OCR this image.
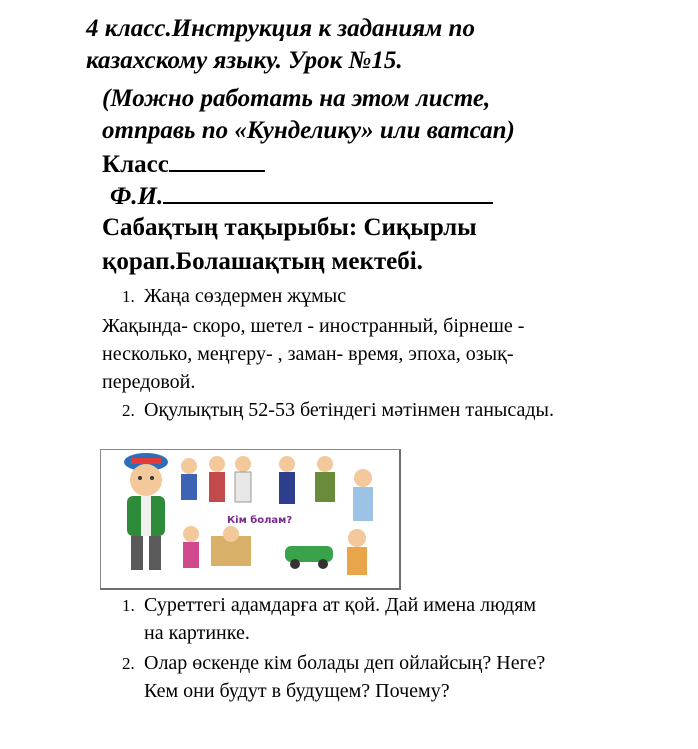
4 класс.Инструкция к заданиям по
казахскому языку. Урок №15.
(Можно работать на этом листе,
отправь по «Кунделику» или ватсап)
Класс
Ф.И.
Сабақтың тақырыбы: Сиқырлы
қорап.Болашақтың мектебі.
1. Жаңа сөздермен жұмыс
Жақында- скоро, шетел - иностранный, бірнеше -
несколько, меңгеру- , заман- время, эпоха, озық-
передовой.
2. Оқулықтың 52-53 бетіндегі мәтінмен танысады.
Кім болам?
1. Суреттегі адамдарға ат қой. Дай имена людям
на картинке.
2. Олар өскенде кім болады деп ойлайсың? Неге?
Кем они будут в будущем? Почему?
